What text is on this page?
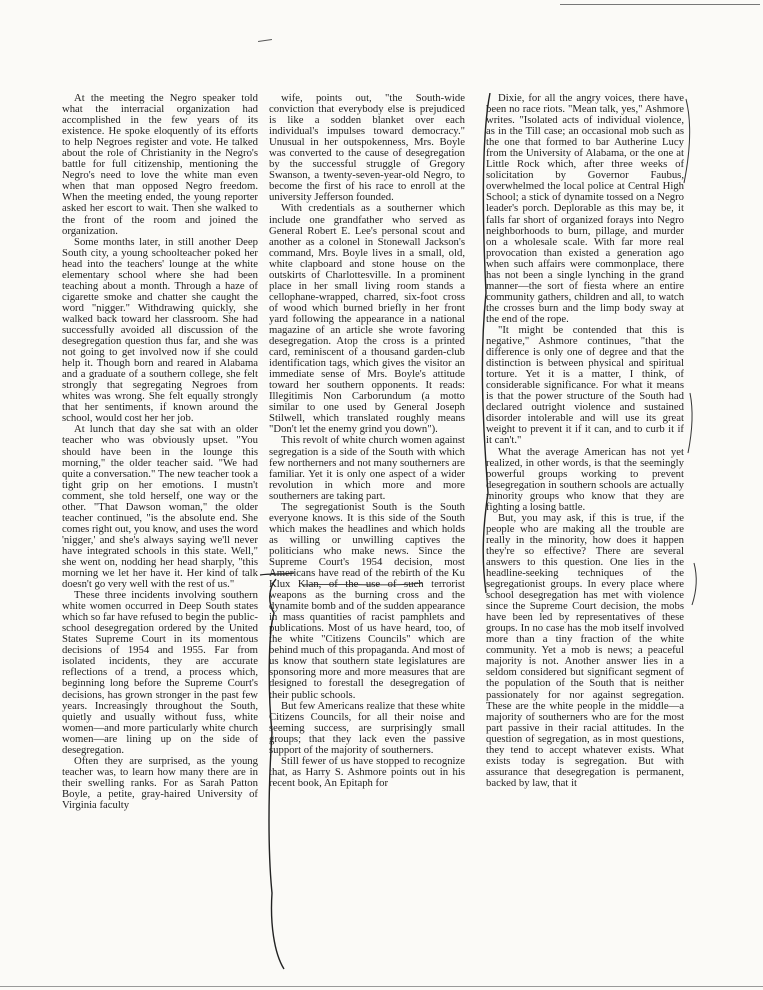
At the meeting the Negro speaker told what the interracial organization had accomplished in the few years of its existence. He spoke eloquently of its efforts to help Negroes register and vote. He talked about the role of Christianity in the Negro's battle for full citizenship, mentioning the Negro's need to love the white man even when that man opposed Negro freedom. When the meeting ended, the young reporter asked her escort to wait. Then she walked to the front of the room and joined the organization.

Some months later, in still another Deep South city, a young schoolteacher poked her head into the teachers' lounge at the white elementary school where she had been teaching about a month. Through a haze of cigarette smoke and chatter she caught the word "nigger." Withdrawing quickly, she walked back toward her classroom. She had successfully avoided all discussion of the desegregation question thus far, and she was not going to get involved now if she could help it. Though born and reared in Alabama and a graduate of a southern college, she felt strongly that segregating Negroes from whites was wrong. She felt equally strongly that her sentiments, if known around the school, would cost her her job.

At lunch that day she sat with an older teacher who was obviously upset. "You should have been in the lounge this morning," the older teacher said. "We had quite a conversation." The new teacher took a tight grip on her emotions. I mustn't comment, she told herself, one way or the other. "That Dawson woman," the older teacher continued, "is the absolute end. She comes right out, you know, and uses the word 'nigger,' and she's always saying we'll never have integrated schools in this state. Well," she went on, nodding her head sharply, "this morning we let her have it. Her kind of talk doesn't go very well with the rest of us."

These three incidents involving southern white women occurred in Deep South states which so far have refused to begin the public-school desegregation ordered by the United States Supreme Court in its momentous decisions of 1954 and 1955. Far from isolated incidents, they are accurate reflections of a trend, a process which, beginning long before the Supreme Court's decisions, has grown stronger in the past few years. Increasingly throughout the South, quietly and usually without fuss, white women—and more particularly white church women—are lining up on the side of desegregation.

Often they are surprised, as the young teacher was, to learn how many there are in their swelling ranks. For as Sarah Patton Boyle, a petite, gray-haired University of Virginia faculty

wife, points out, "the South-wide conviction that everybody else is prejudiced is like a sodden blanket over each individual's impulses toward democracy." Unusual in her outspokenness, Mrs. Boyle was converted to the cause of desegregation by the successful struggle of Gregory Swanson, a twenty-seven-year-old Negro, to become the first of his race to enroll at the university Jefferson founded.

With credentials as a southerner which include one grandfather who served as General Robert E. Lee's personal scout and another as a colonel in Stonewall Jackson's command, Mrs. Boyle lives in a small, old, white clapboard and stone house on the outskirts of Charlottesville. In a prominent place in her small living room stands a cellophane-wrapped, charred, six-foot cross of wood which burned briefly in her front yard following the appearance in a national magazine of an article she wrote favoring desegregation. Atop the cross is a printed card, reminiscent of a thousand garden-club identification tags, which gives the visitor an immediate sense of Mrs. Boyle's attitude toward her southern opponents. It reads: Illegitimis Non Carborundum (a motto similar to one used by General Joseph Stilwell, which translated roughly means "Don't let the enemy grind you down").

This revolt of white church women against segregation is a side of the South with which few northerners and not many southerners are familiar. Yet it is only one aspect of a wider revolution in which more and more southerners are taking part.

The segregationist South is the South everyone knows. It is this side of the South which makes the headlines and which holds as willing or unwilling captives the politicians who make news. Since the Supreme Court's 1954 decision, most Americans have read of the rebirth of the Ku Klux Klan, of the use of such terrorist weapons as the burning cross and the dynamite bomb and of the sudden appearance in mass quantities of racist pamphlets and publications. Most of us have heard, too, of the white "Citizens Councils" which are behind much of this propaganda. And most of us know that southern state legislatures are sponsoring more and more measures that are designed to forestall the desegregation of their public schools.

But few Americans realize that these white Citizens Councils, for all their noise and seeming success, are surprisingly small groups; that they lack even the passive support of the majority of southerners.

Still fewer of us have stopped to recognize that, as Harry S. Ashmore points out in his recent book, An Epitaph for

Dixie, for all the angry voices, there have been no race riots. "Mean talk, yes," Ashmore writes. "Isolated acts of individual violence, as in the Till case; an occasional mob such as the one that formed to bar Autherine Lucy from the University of Alabama, or the one at Little Rock which, after three weeks of solicitation by Governor Faubus, overwhelmed the local police at Central High School; a stick of dynamite tossed on a Negro leader's porch. Deplorable as this may be, it falls far short of organized forays into Negro neighborhoods to burn, pillage, and murder on a wholesale scale. With far more real provocation than existed a generation ago when such affairs were commonplace, there has not been a single lynching in the grand manner—the sort of fiesta where an entire community gathers, children and all, to watch the crosses burn and the limp body sway at the end of the rope.

"It might be contended that this is negative," Ashmore continues, "that the difference is only one of degree and that the distinction is between physical and spiritual torture. Yet it is a matter, I think, of considerable significance. For what it means is that the power structure of the South had declared outright violence and sustained disorder intolerable and will use its great weight to prevent it if it can, and to curb it if it can't."

What the average American has not yet realized, in other words, is that the seemingly powerful groups working to prevent desegregation in southern schools are actually minority groups who know that they are fighting a losing battle.

But, you may ask, if this is true, if the people who are making all the trouble are really in the minority, how does it happen they're so effective? There are several answers to this question. One lies in the headline-seeking techniques of the segregationist groups. In every place where school desegregation has met with violence since the Supreme Court decision, the mobs have been led by representatives of these groups. In no case has the mob itself involved more than a tiny fraction of the white community. Yet a mob is news; a peaceful majority is not. Another answer lies in a seldom considered but significant segment of the population of the South that is neither passionately for nor against segregation. These are the white people in the middle—a majority of southerners who are for the most part passive in their racial attitudes. In the question of segregation, as in most questions, they tend to accept whatever exists. What exists today is segregation. But with assurance that desegregation is permanent, backed by law, that it
